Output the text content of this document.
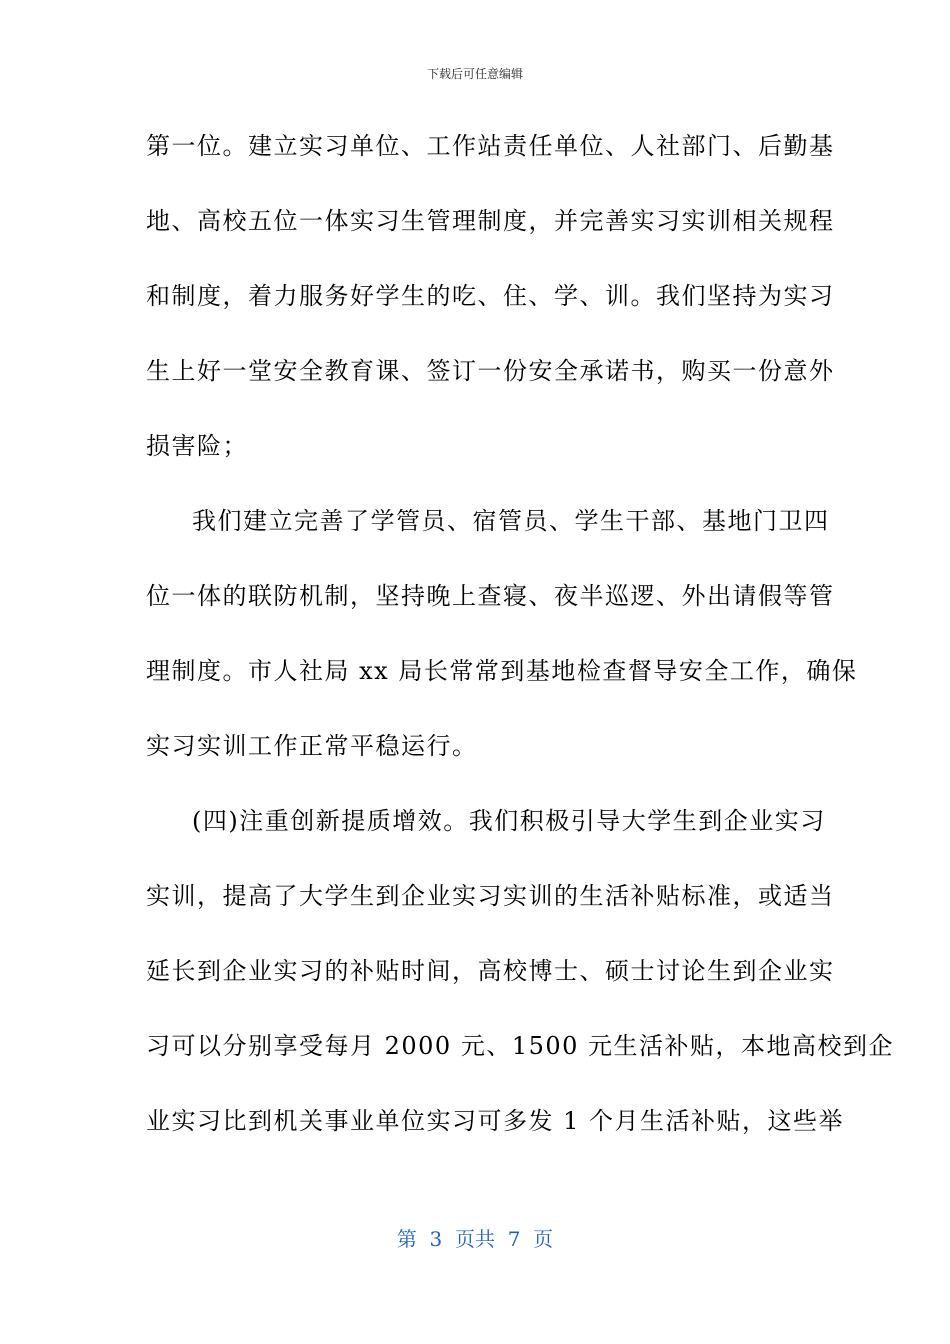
下载后可任意编辑
第一位。建立实习单位、工作站责任单位、人社部门、后勤基
地、高校五位一体实习生管理制度，并完善实习实训相关规程
和制度，着力服务好学生的吃、住、学、训。我们坚持为实习
生上好一堂安全教育课、签订一份安全承诺书，购买一份意外
损害险；
我们建立完善了学管员、宿管员、学生干部、基地门卫四
位一体的联防机制，坚持晚上查寝、夜半巡逻、外出请假等管
理制度。市人社局 xx 局长常常到基地检查督导安全工作，确保
实习实训工作正常平稳运行。
(四)注重创新提质增效。我们积极引导大学生到企业实习
实训，提高了大学生到企业实习实训的生活补贴标准，或适当
延长到企业实习的补贴时间，高校博士、硕士讨论生到企业实
习可以分别享受每月 2000 元、1500 元生活补贴，本地高校到企
业实习比到机关事业单位实习可多发 1 个月生活补贴，这些举
第  3  页共  7  页
